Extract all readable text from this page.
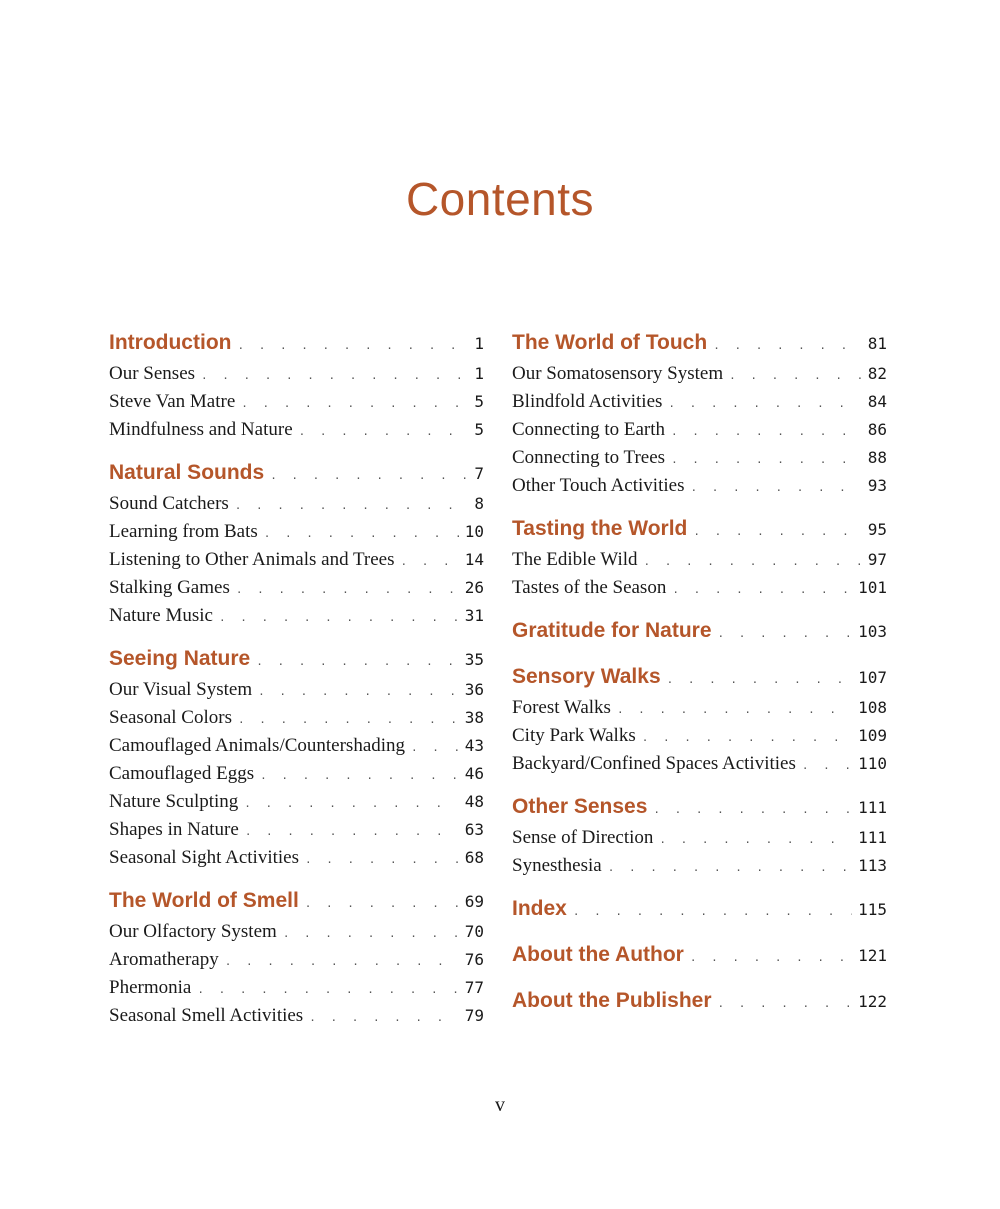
Contents
Introduction . . .	1
Our Senses . . .	1
Steve Van Matre . . .	5
Mindfulness and Nature . . .	5
Natural Sounds . . .	7
Sound Catchers . . .	8
Learning from Bats . . .	10
Listening to Other Animals and Trees . . .	14
Stalking Games . . .	26
Nature Music . . .	31
Seeing Nature . . .	35
Our Visual System . . .	36
Seasonal Colors . . .	38
Camouflaged Animals/Countershading . . .	43
Camouflaged Eggs . . .	46
Nature Sculpting . . .	48
Shapes in Nature . . .	63
Seasonal Sight Activities . . .	68
The World of Smell . . .	69
Our Olfactory System . . .	70
Aromatherapy . . .	76
Phermonia . . .	77
Seasonal Smell Activities . . .	79
The World of Touch . . .	81
Our Somatosensory System . . .	82
Blindfold Activities . . .	84
Connecting to Earth . . .	86
Connecting to Trees . . .	88
Other Touch Activities . . .	93
Tasting the World . . .	95
The Edible Wild . . .	97
Tastes of the Season . . .	101
Gratitude for Nature . . .	103
Sensory Walks . . .	107
Forest Walks . . .	108
City Park Walks . . .	109
Backyard/Confined Spaces Activities . . .	110
Other Senses . . .	111
Sense of Direction . . .	111
Synesthesia . . .	113
Index . . .	115
About the Author . . .	121
About the Publisher . . .	122
v
